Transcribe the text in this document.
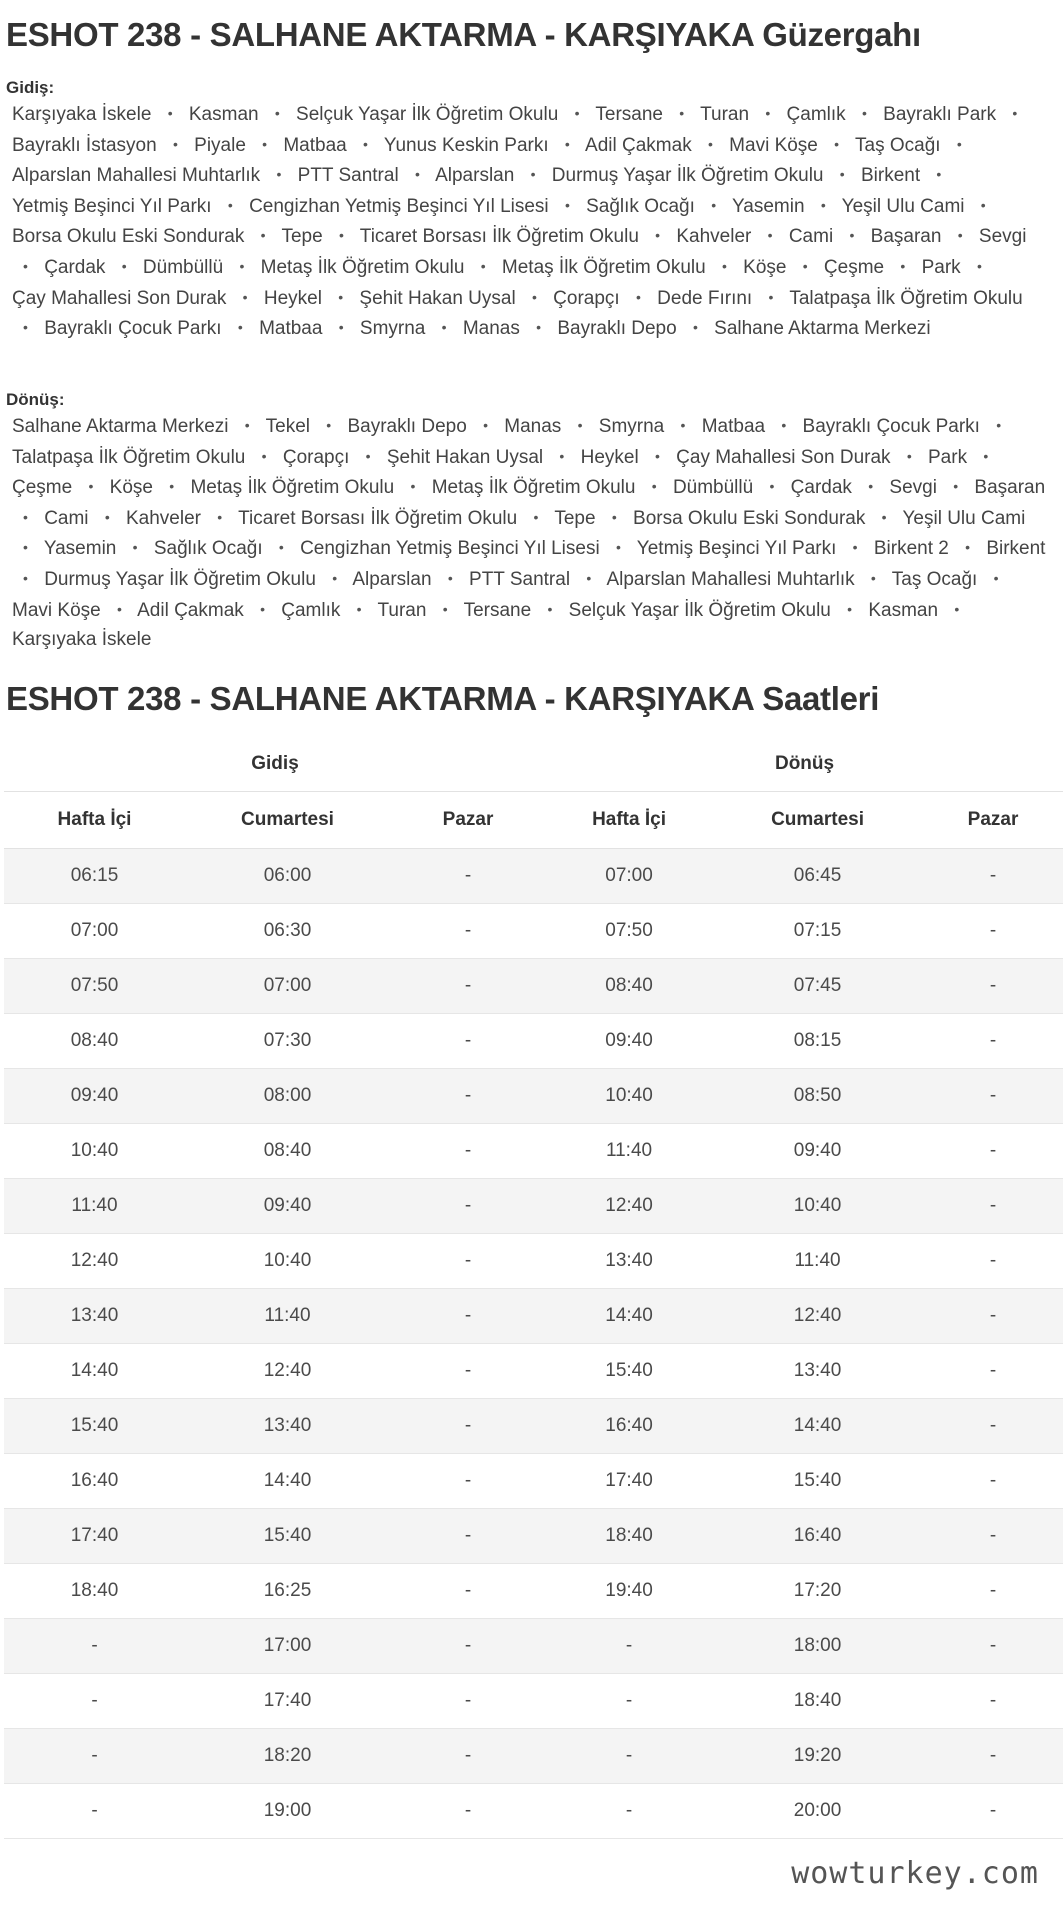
ESHOT 238 - SALHANE AKTARMA - KARŞIYAKA Güzergahı
Gidiş:
Karşıyaka İskele • Kasman • Selçuk Yaşar İlk Öğretim Okulu • Tersane • Turan • Çamlık • Bayraklı Park • Bayraklı İstasyon • Piyale • Matbaa • Yunus Keskin Parkı • Adil Çakmak • Mavi Köşe • Taş Ocağı • Alparslan Mahallesi Muhtarlık • PTT Santral • Alparslan • Durmuş Yaşar İlk Öğretim Okulu • Birkent • Yetmiş Beşinci Yıl Parkı • Cengizhan Yetmiş Beşinci Yıl Lisesi • Sağlık Ocağı • Yasemin • Yeşil Ulu Cami • Borsa Okulu Eski Sondurak • Tepe • Ticaret Borsası İlk Öğretim Okulu • Kahveler • Cami • Başaran • Sevgi • Çardak • Dümbüllü • Metaş İlk Öğretim Okulu • Metaş İlk Öğretim Okulu • Köşe • Çeşme • Park • Çay Mahallesi Son Durak • Heykel • Şehit Hakan Uysal • Çorapçı • Dede Fırını • Talatpaşa İlk Öğretim Okulu • Bayraklı Çocuk Parkı • Matbaa • Smyrna • Manas • Bayraklı Depo • Salhane Aktarma Merkezi
Dönüş:
Salhane Aktarma Merkezi • Tekel • Bayraklı Depo • Manas • Smyrna • Matbaa • Bayraklı Çocuk Parkı • Talatpaşa İlk Öğretim Okulu • Çorapçı • Şehit Hakan Uysal • Heykel • Çay Mahallesi Son Durak • Park • Çeşme • Köşe • Metaş İlk Öğretim Okulu • Metaş İlk Öğretim Okulu • Dümbüllü • Çardak • Sevgi • Başaran • Cami • Kahveler • Ticaret Borsası İlk Öğretim Okulu • Tepe • Borsa Okulu Eski Sondurak • Yeşil Ulu Cami • Yasemin • Sağlık Ocağı • Cengizhan Yetmiş Beşinci Yıl Lisesi • Yetmiş Beşinci Yıl Parkı • Birkent 2 • Birkent • Durmuş Yaşar İlk Öğretim Okulu • Alparslan • PTT Santral • Alparslan Mahallesi Muhtarlık • Taş Ocağı • Mavi Köşe • Adil Çakmak • Çamlık • Turan • Tersane • Selçuk Yaşar İlk Öğretim Okulu • Kasman • Karşıyaka İskele
ESHOT 238 - SALHANE AKTARMA - KARŞIYAKA Saatleri
Gidiş			Dönüş		
Hafta İçi	Cumartesi	Pazar	Hafta İçi	Cumartesi	Pazar
06:15	06:00	-	07:00	06:45	-
07:00	06:30	-	07:50	07:15	-
07:50	07:00	-	08:40	07:45	-
08:40	07:30	-	09:40	08:15	-
09:40	08:00	-	10:40	08:50	-
10:40	08:40	-	11:40	09:40	-
11:40	09:40	-	12:40	10:40	-
12:40	10:40	-	13:40	11:40	-
13:40	11:40	-	14:40	12:40	-
14:40	12:40	-	15:40	13:40	-
15:40	13:40	-	16:40	14:40	-
16:40	14:40	-	17:40	15:40	-
17:40	15:40	-	18:40	16:40	-
18:40	16:25	-	19:40	17:20	-
-	17:00	-	-	18:00	-
-	17:40	-	-	18:40	-
-	18:20	-	-	19:20	-
-	19:00	-	-	20:00	-
wowturkey.com
